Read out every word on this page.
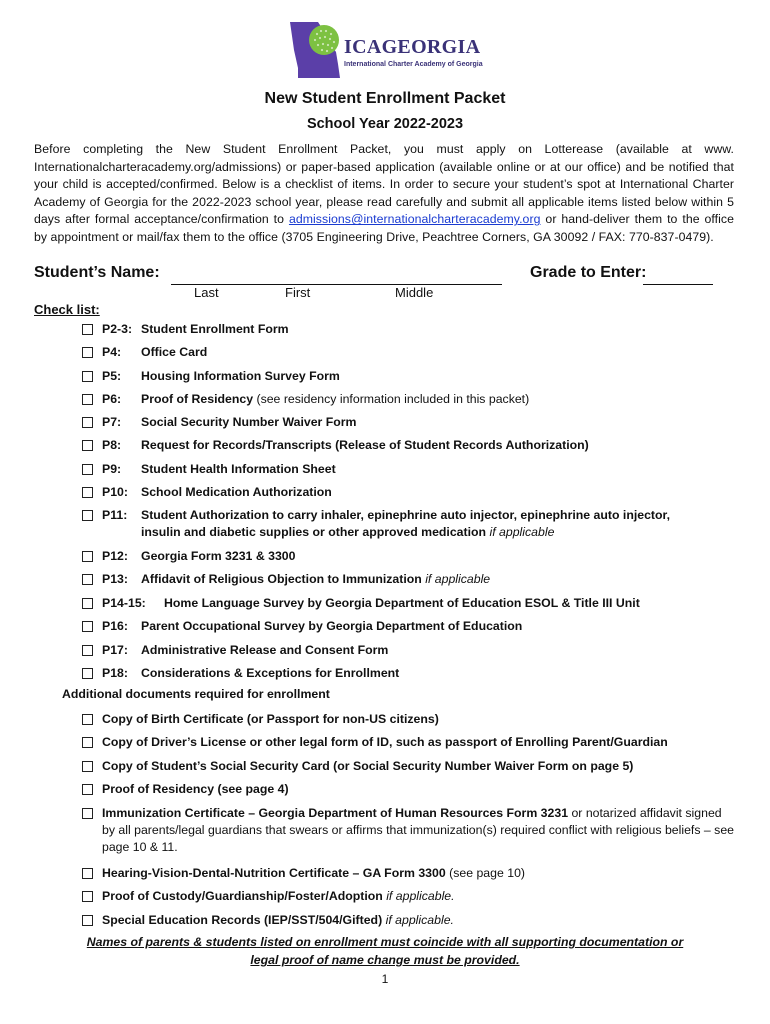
ICAGEORGIA
International Charter Academy of Georgia
New Student Enrollment Packet
School Year 2022-2023
Before completing the New Student Enrollment Packet, you must apply on Lotterease (available at www. Internationalcharteracademy.org/admissions) or paper-based application (available online or at our office) and be notified that your child is accepted/confirmed. Below is a checklist of items. In order to secure your student’s spot at International Charter Academy of Georgia for the 2022-2023 school year, please read carefully and submit all applicable items listed below within 5 days after formal acceptance/confirmation to admissions@internationalcharteracademy.org or hand-deliver them to the office by appointment or mail/fax them to the office (3705 Engineering Drive, Peachtree Corners, GA 30092 / FAX: 770-837-0479).
Student’s Name:	Grade to Enter:
Last	First	Middle
Check list:
P2-3: Student Enrollment Form
P4: Office Card
P5: Housing Information Survey Form
P6: Proof of Residency (see residency information included in this packet)
P7: Social Security Number Waiver Form
P8: Request for Records/Transcripts (Release of Student Records Authorization)
P9: Student Health Information Sheet
P10: School Medication Authorization
P11: Student Authorization to carry inhaler, epinephrine auto injector, epinephrine auto injector, insulin and diabetic supplies or other approved medication if applicable
P12: Georgia Form 3231 & 3300
P13: Affidavit of Religious Objection to Immunization if applicable
P14-15: Home Language Survey by Georgia Department of Education ESOL & Title III Unit
P16: Parent Occupational Survey by Georgia Department of Education
P17: Administrative Release and Consent Form
P18: Considerations & Exceptions for Enrollment
Additional documents required for enrollment
Copy of Birth Certificate (or Passport for non-US citizens)
Copy of Driver’s License or other legal form of ID, such as passport of Enrolling Parent/Guardian
Copy of Student’s Social Security Card (or Social Security Number Waiver Form on page 5)
Proof of Residency (see page 4)
Immunization Certificate – Georgia Department of Human Resources Form 3231 or notarized affidavit signed by all parents/legal guardians that swears or affirms that immunization(s) required conflict with religious beliefs – see page 10 & 11.
Hearing-Vision-Dental-Nutrition Certificate – GA Form 3300 (see page 10)
Proof of Custody/Guardianship/Foster/Adoption if applicable.
Special Education Records (IEP/SST/504/Gifted) if applicable.
Names of parents & students listed on enrollment must coincide with all supporting documentation or
legal proof of name change must be provided.
1
